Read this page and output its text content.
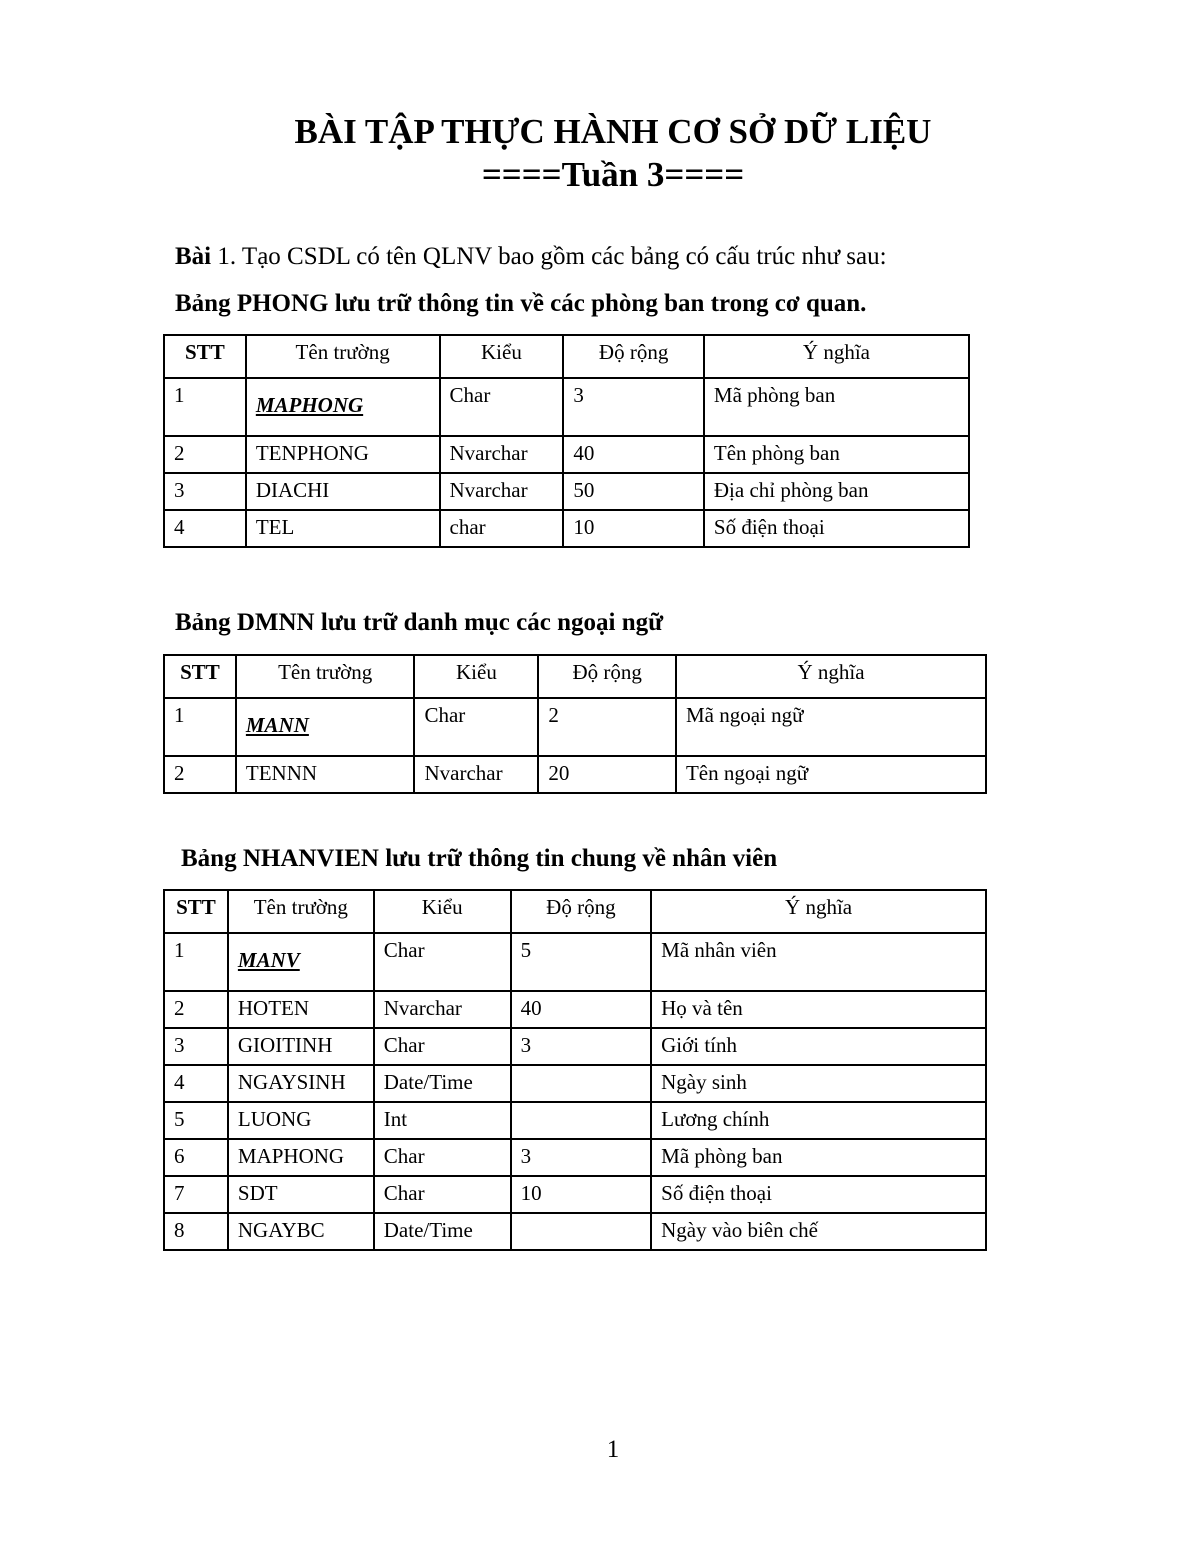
BÀI TẬP THỰC HÀNH CƠ SỞ DỮ LIỆU
====Tuần 3====
Bài 1. Tạo CSDL có tên QLNV bao gồm các bảng có cấu trúc như sau:
Bảng PHONG lưu trữ thông tin về các phòng ban trong cơ quan.
STT	Tên trường	Kiểu	Độ rộng	Ý nghĩa
1	MAPHONG	Char	3	Mã phòng ban
2	TENPHONG	Nvarchar	40	Tên phòng ban
3	DIACHI	Nvarchar	50	Địa chỉ phòng ban
4	TEL	char	10	Số điện thoại
Bảng DMNN lưu trữ danh mục các ngoại ngữ
STT	Tên trường	Kiểu	Độ rộng	Ý nghĩa
1	MANN	Char	2	Mã ngoại ngữ
2	TENNN	Nvarchar	20	Tên ngoại ngữ
Bảng NHANVIEN lưu trữ thông tin chung về nhân viên
STT	Tên trường	Kiểu	Độ rộng	Ý nghĩa
1	MANV	Char	5	Mã nhân viên
2	HOTEN	Nvarchar	40	Họ và tên
3	GIOITINH	Char	3	Giới tính
4	NGAYSINH	Date/Time		Ngày sinh
5	LUONG	Int		Lương chính
6	MAPHONG	Char	3	Mã phòng ban
7	SDT	Char	10	Số điện thoại
8	NGAYBC	Date/Time		Ngày vào biên chế
1
